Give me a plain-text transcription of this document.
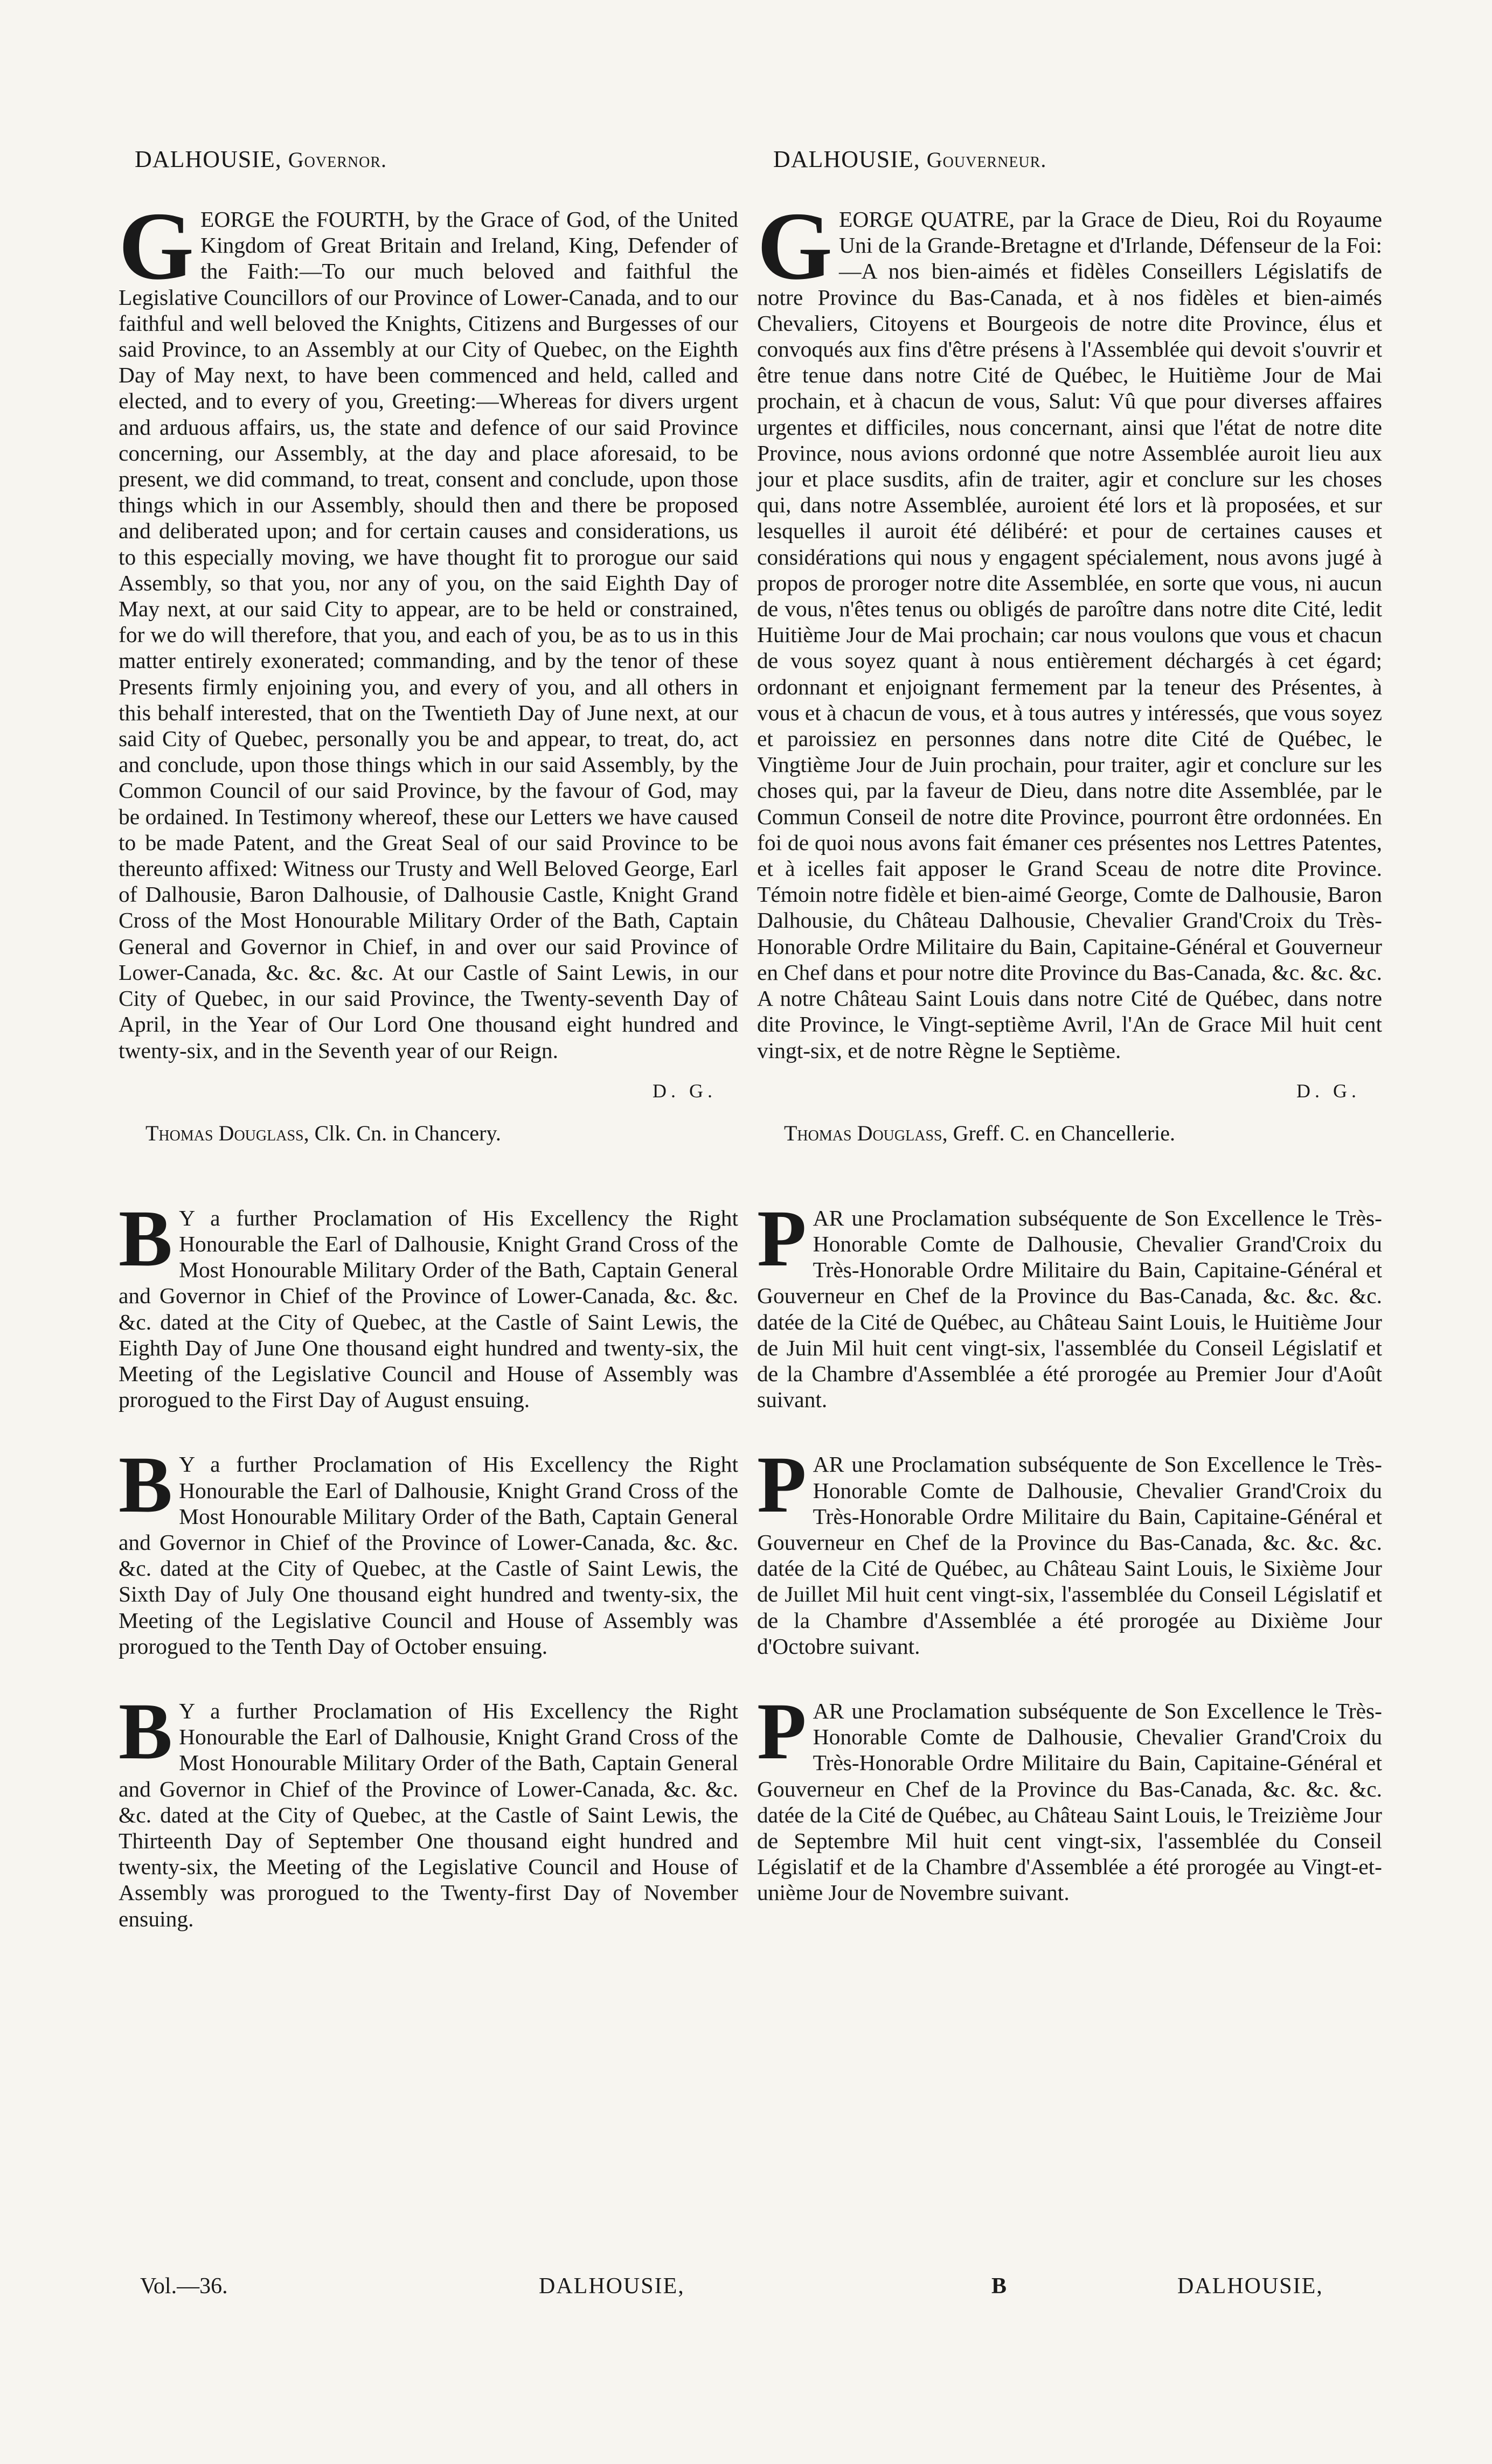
DALHOUSIE, Governor.

GEORGE the FOURTH, by the Grace of God, of the United Kingdom of Great Britain and Ireland, King, Defender of the Faith:—To our much beloved and faithful the Legislative Councillors of our Province of Lower-Canada, and to our faithful and well beloved the Knights, Citizens and Burgesses of our said Province, to an Assembly at our City of Quebec, on the Eighth Day of May next, to have been commenced and held, called and elected, and to every of you, Greeting:—Whereas for divers urgent and arduous affairs, us, the state and defence of our said Province concerning, our Assembly, at the day and place aforesaid, to be present, we did command, to treat, consent and conclude, upon those things which in our Assembly, should then and there be proposed and deliberated upon; and for certain causes and considerations, us to this especially moving, we have thought fit to prorogue our said Assembly, so that you, nor any of you, on the said Eighth Day of May next, at our said City to appear, are to be held or constrained, for we do will therefore, that you, and each of you, be as to us in this matter entirely exonerated; commanding, and by the tenor of these Presents firmly enjoining you, and every of you, and all others in this behalf interested, that on the Twentieth Day of June next, at our said City of Quebec, personally you be and appear, to treat, do, act and conclude, upon those things which in our said Assembly, by the Common Council of our said Province, by the favour of God, may be ordained. In Testimony whereof, these our Letters we have caused to be made Patent, and the Great Seal of our said Province to be thereunto affixed: Witness our Trusty and Well Beloved George, Earl of Dalhousie, Baron Dalhousie, of Dalhousie Castle, Knight Grand Cross of the Most Honourable Military Order of the Bath, Captain General and Governor in Chief, in and over our said Province of Lower-Canada, &c. &c. &c. At our Castle of Saint Lewis, in our City of Quebec, in our said Province, the Twenty-seventh Day of April, in the Year of Our Lord One thousand eight hundred and twenty-six, and in the Seventh year of our Reign.

D. G.
Thomas Douglass, Clk. Cn. in Chancery.

B Y a further Proclamation of His Excellency the Right Honourable the Earl of Dalhousie, Knight Grand Cross of the Most Honourable Military Order of the Bath, Captain General and Governor in Chief of the Province of Lower-Canada, &c. &c. &c. dated at the City of Quebec, at the Castle of Saint Lewis, the Eighth Day of June One thousand eight hundred and twenty-six, the Meeting of the Legislative Council and House of Assembly was prorogued to the First Day of August ensuing.

B Y a further Proclamation of His Excellency the Right Honourable the Earl of Dalhousie, Knight Grand Cross of the Most Honourable Military Order of the Bath, Captain General and Governor in Chief of the Province of Lower-Canada, &c. &c. &c. dated at the City of Quebec, at the Castle of Saint Lewis, the Sixth Day of July One thousand eight hundred and twenty-six, the Meeting of the Legislative Council and House of Assembly was prorogued to the Tenth Day of October ensuing.

B Y a further Proclamation of His Excellency the Right Honourable the Earl of Dalhousie, Knight Grand Cross of the Most Honourable Military Order of the Bath, Captain General and Governor in Chief of the Province of Lower-Canada, &c. &c. &c. dated at the City of Quebec, at the Castle of Saint Lewis, the Thirteenth Day of September One thousand eight hundred and twenty-six, the Meeting of the Legislative Council and House of Assembly was prorogued to the Twenty-first Day of November ensuing.

DALHOUSIE, Gouverneur.

GEORGE QUATRE, par la Grace de Dieu, Roi du Royaume Uni de la Grande-Bretagne et d'Irlande, Défenseur de la Foi:—A nos bien-aimés et fidèles Conseillers Législatifs de notre Province du Bas-Canada, et à nos fidèles et bien-aimés Chevaliers, Citoyens et Bourgeois de notre dite Province, élus et convoqués aux fins d'être présens à l'Assemblée qui devoit s'ouvrir et être tenue dans notre Cité de Québec, le Huitième Jour de Mai prochain, et à chacun de vous, Salut: Vû que pour diverses affaires urgentes et difficiles, nous concernant, ainsi que l'état de notre dite Province, nous avions ordonné que notre Assemblée auroit lieu aux jour et place susdits, afin de traiter, agir et conclure sur les choses qui, dans notre Assemblée, auroient été lors et là proposées, et sur lesquelles il auroit été délibéré: et pour de certaines causes et considérations qui nous y engagent spécialement, nous avons jugé à propos de proroger notre dite Assemblée, en sorte que vous, ni aucun de vous, n'êtes tenus ou obligés de paroître dans notre dite Cité, ledit Huitième Jour de Mai prochain; car nous voulons que vous et chacun de vous soyez quant à nous entièrement déchargés à cet égard; ordonnant et enjoignant fermement par la teneur des Présentes, à vous et à chacun de vous, et à tous autres y intéressés, que vous soyez et paroissiez en personnes dans notre dite Cité de Québec, le Vingtième Jour de Juin prochain, pour traiter, agir et conclure sur les choses qui, par la faveur de Dieu, dans notre dite Assemblée, par le Commun Conseil de notre dite Province, pourront être ordonnées. En foi de quoi nous avons fait émaner ces présentes nos Lettres Patentes, et à icelles fait apposer le Grand Sceau de notre dite Province. Témoin notre fidèle et bien-aimé George, Comte de Dalhousie, Baron Dalhousie, du Château Dalhousie, Chevalier Grand'Croix du Très-Honorable Ordre Militaire du Bain, Capitaine-Général et Gouverneur en Chef dans et pour notre dite Province du Bas-Canada, &c. &c. &c. A notre Château Saint Louis dans notre Cité de Québec, dans notre dite Province, le Vingt-septième Avril, l'An de Grace Mil huit cent vingt-six, et de notre Règne le Septième.

D. G.
Thomas Douglass, Greff. C. en Chancellerie.

PAR une Proclamation subséquente de Son Excellence le Très-Honorable Comte de Dalhousie, Chevalier Grand'Croix du Très-Honorable Ordre Militaire du Bain, Capitaine-Général et Gouverneur en Chef de la Province du Bas-Canada, &c. &c. &c. datée de la Cité de Québec, au Château Saint Louis, le Huitième Jour de Juin Mil huit cent vingt-six, l'assemblée du Conseil Législatif et de la Chambre d'Assemblée a été prorogée au Premier Jour d'Août suivant.

PAR une Proclamation subséquente de Son Excellence le Très-Honorable Comte de Dalhousie, Chevalier Grand'Croix du Très-Honorable Ordre Militaire du Bain, Capitaine-Général et Gouverneur en Chef de la Province du Bas-Canada, &c. &c. &c. datée de la Cité de Québec, au Château Saint Louis, le Sixième Jour de Juillet Mil huit cent vingt-six, l'assemblée du Conseil Législatif et de la Chambre d'Assemblée a été prorogée au Dixième Jour d'Octobre suivant.

PAR une Proclamation subséquente de Son Excellence le Très-Honorable Comte de Dalhousie, Chevalier Grand'Croix du Très-Honorable Ordre Militaire du Bain, Capitaine-Général et Gouverneur en Chef de la Province du Bas-Canada, &c. &c. &c. datée de la Cité de Québec, au Château Saint Louis, le Treizième Jour de Septembre Mil huit cent vingt-six, l'assemblée du Conseil Législatif et de la Chambre d'Assemblée a été prorogée au Vingt-et-unième Jour de Novembre suivant.

Vol.—36.	DALHOUSIE,	B	DALHOUSIE,
